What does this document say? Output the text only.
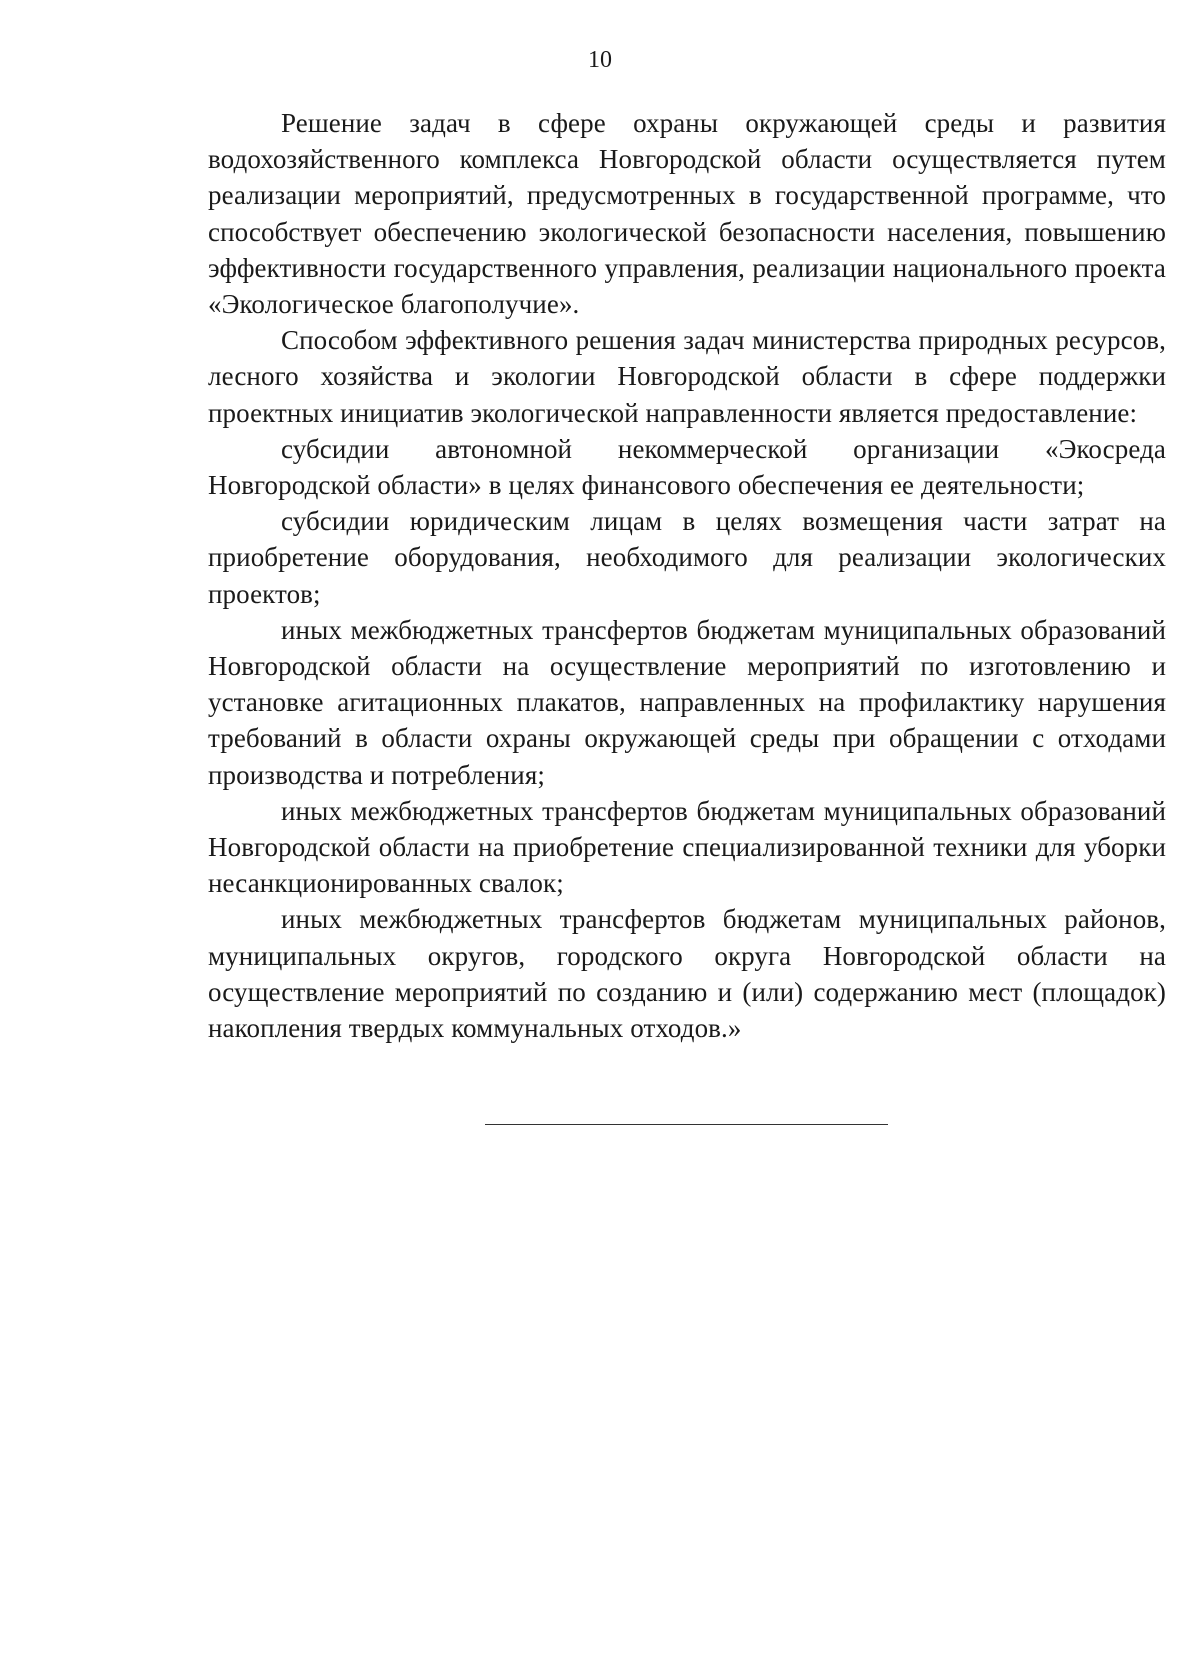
10

Решение задач в сфере охраны окружающей среды и развития водохозяйственного комплекса Новгородской области осуществляется путем реализации мероприятий, предусмотренных в государственной программе, что способствует обеспечению экологической безопасности населения, повышению эффективности государственного управления, реализации национального проекта «Экологическое благополучие».

Способом эффективного решения задач министерства природных ресурсов, лесного хозяйства и экологии Новгородской области в сфере поддержки проектных инициатив экологической направленности является предоставление:

субсидии автономной некоммерческой организации «Экосреда Новгородской области» в целях финансового обеспечения ее деятельности;

субсидии юридическим лицам в целях возмещения части затрат на приобретение оборудования, необходимого для реализации экологических проектов;

иных межбюджетных трансфертов бюджетам муниципальных образований Новгородской области на осуществление мероприятий по изготовлению и установке агитационных плакатов, направленных на профилактику нарушения требований в области охраны окружающей среды при обращении с отходами производства и потребления;

иных межбюджетных трансфертов бюджетам муниципальных образований Новгородской области на приобретение специализированной техники для уборки несанкционированных свалок;

иных межбюджетных трансфертов бюджетам муниципальных районов, муниципальных округов, городского округа Новгородской области на осуществление мероприятий по созданию и (или) содержанию мест (площадок) накопления твердых коммунальных отходов.»
